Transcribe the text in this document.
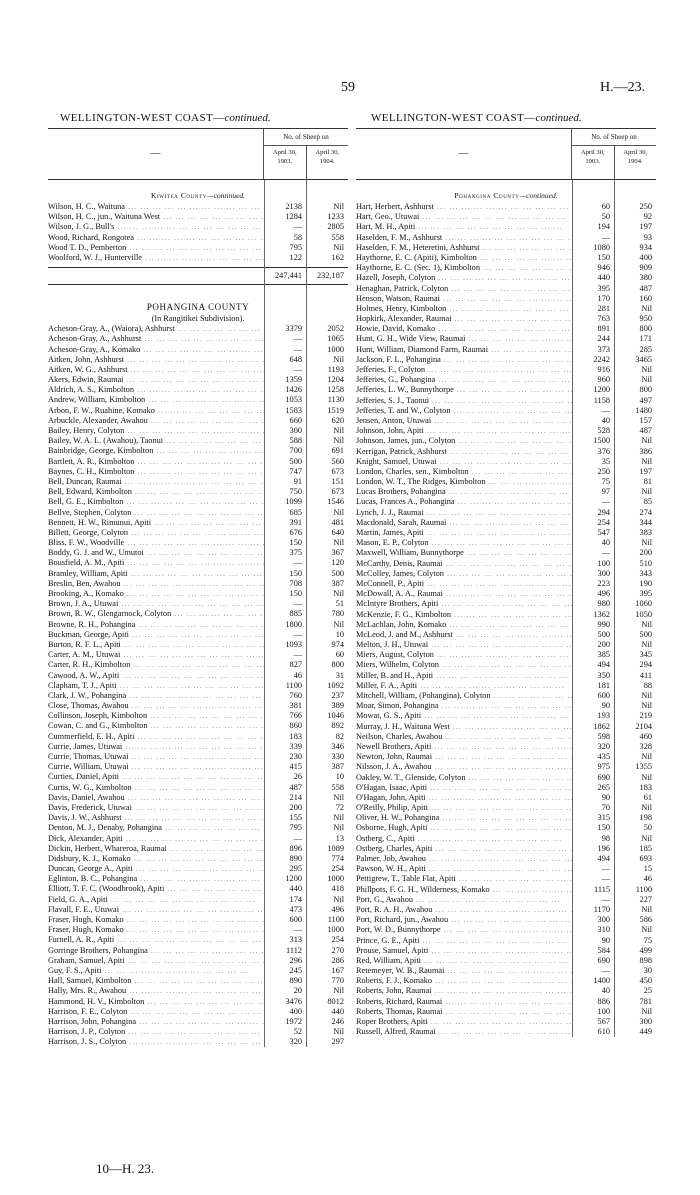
59	H.—23.
WELLINGTON-WEST COAST—continued.	WELLINGTON-WEST COAST—continued.
—
No. of Sheep on
April 30,
1903.
April 30,
1904.
Kiwitea County—continued.
Wilson, H. C., Waituna ... .	2138	Nil
Wilson, H. C., jun., Waituna West ... .	1284	1233
Wilson, J. G., Bull's ... .	—	2805
Wood, Richard, Rongotea ... .	58	558
Wood T. D., Pemberton ... .	795	Nil
Woolford, W. J., Hunterville ... .	122	162
247,441	232,187
POHANGINA COUNTY
(In Rangitikei Subdivision).
Acheson-Gray, A., (Waiora), Ashhurst ... .	3379	2052
Acheson-Gray, A., Ashhurst ... .	—	1065
Acheson-Gray, A., Komako ... .	—	1000
Aitken, John, Ashhurst ... .	648	Nil
Aitken, W. G., Ashhurst ... .	—	1193
Akers, Edwin, Raumai ... .	1359	1204
Aldrich, A. S., Kimbolton ... .	1426	1258
Andrew, William, Kimbolton ... .	1053	1130
Arbon, F. W., Ruahine, Komako ... .	1583	1519
Arbuckle, Alexander, Awahou ... .	660	620
Bailey, Henry, Colyton ... .	300	Nil
Bailey, W. A. L. (Awahou), Taonui ... .	588	Nil
Bainbridge, George, Kimbolton ... .	700	691
Bartlett, A. R., Kimbolton ... .	500	560
Baynes, C. H., Kimbolton ... .	747	673
Bell, Duncan, Raumai ... .	91	151
Bell, Edward, Kimbolton ... .	750	673
Bell, G. E., Kimbolton ... .	1099	1546
Bellve, Stephen, Colyton ... .	685	Nil
Bennett, H. W., Rimunui, Apiti ... .	391	481
Billett, George, Colyton ... .	676	640
Bliss, F. W., Woodville ... .	150	Nil
Boddy, G. J. and W., Umutoi ... .	375	367
Bousfield, A. M., Apiti ... .	—	120
Bramley, William, Apiti ... .	150	500
Breslin, Ben, Awahou ... .	708	387
Brooking, A., Komako ... .	150	Nil
Brown, J. A., Utuwai ... .	—	51
Brown, R. W., Glengarnock, Colyton ... .	885	780
Browne, R. H., Pohangina ... .	1800	Nil
Buckman, George, Apiti ... .	—	10
Burton, R. F. L., Apiti ... .	1093	974
Carter, A. M., Utuwai ... .	—	60
Carter, R. H., Kimbolton ... .	827	800
Cawood, A. W., Apiti ... .	46	31
Clapham, T. J., Apiti ... .	1100	1092
Clark, J. W., Pohangina ... .	760	237
Close, Thomas, Awahou ... .	381	389
Collinson, Joseph, Kimbolton ... .	766	1046
Cowan, C. and G., Kimbolton ... .	860	892
Cummerfield, E. H., Apiti ... .	183	82
Currie, James, Utuwai ... .	339	346
Currie, Thomas, Utuwai ... .	230	330
Currie, William, Utuwai ... .	415	387
Curties, Daniel, Apiti ... .	26	10
Curtis, W. G., Kimbolton ... .	487	558
Davis, Daniel, Awahou ... .	214	Nil
Davis, Frederick, Utuwai ... .	200	72
Davis, J. W., Ashhurst ... .	155	Nil
Denton, M. J., Denaby, Pohangina ... .	795	Nil
Dick, Alexander, Apiti ... .	—	13
Dickin, Herbert, Whareroa, Raumai ... .	896	1089
Didsbury, K. J., Komako ... .	890	774
Duncan, George A., Apiti ... .	295	254
Eglinton, B. C., Pohangina ... .	1200	1000
Elliott, T. F. C. (Woodbrook), Apiti ... .	440	418
Field, G. A., Apiti ... .	174	Nil
Flavall, F. E., Utuwai ... .	473	496
Fraser, Hugh, Komako ... .	600	1100
Fraser, Hugh, Komako ... .	—	1000
Furnell, A. R., Apiti ... .	313	254
Gorringe Brothers, Pohangina ... .	1112	270
Graham, Samuel, Apiti ... .	296	286
Guy, F. S., Apiti ... .	245	167
Hall, Samuel, Kimbolton ... .	890	770
Hally, Mrs. R., Awahou ... .	20	Nil
Hammond, H. V., Kimbolton ... .	3476	8012
Harrison, F. E., Colyton ... .	400	440
Harrison, John, Pohangina ... .	1972	246
Harrison, J. P., Colyton ... .	52	Nil
Harrison, J. S., Colyton ... .	320	297
—
No. of Sheep on
April 30,
1903.
April 30,
1904.
Pohangina County—continued.
Hart, Herbert, Ashhurst ... .	60	250
Hart, Geo., Utuwai ... .	50	92
Hart, M. H., Apiti ... .	194	197
Haselden, F. M., Ashhurst ... .	—	93
Haselden, F. M., Heteretini, Ashhurst ... .	1080	934
Haythorne, E. C. (Apiti), Kimbolton ... .	150	400
Haythorne, E. C. (Sec. 1), Kimbolton ... .	946	909
Hazell, Joseph, Colyton ... .	440	380
Henaghan, Patrick, Colyton ... .	395	487
Henson, Watson, Raumai ... .	170	160
Holmes, Henry, Kimbolton ... .	281	Nil
Hopkirk, Alexander, Raumai ... .	763	950
Howie, David, Komako ... .	891	800
Hunt, G. H., Wide View, Raumai ... .	244	171
Hunt, William, Diamond Farm, Raumai ... .	373	285
Jackson, F. L., Pohangina ... .	2242	3465
Jefferies, F., Colyton ... .	916	Nil
Jefferies, G., Pohangina ... .	960	Nil
Jefferies, L. W., Bunnythorpe ... .	1200	800
Jefferies, S. J., Taonui ... .	1158	497
Jefferies, T. and W., Colyton ... .	—	1480
Jensen, Anton, Utuwai ... .	40	157
Johnson, John, Apiti ... .	528	487
Johnson, James, jun., Colyton ... .	1500	Nil
Kerrigan, Patrick, Ashhurst ... .	376	386
Knight, Samuel, Utuwai ... .	35	Nil
London, Charles, sen., Kimbolton ... .	250	197
London, W. T., The Ridges, Kimbolton ... .	75	81
Lucas Brothers, Pohangina ... .	97	Nil
Lucas, Frances A., Pohangina ... .	—	85
Lynch, J. J., Raumai ... .	294	274
Macdonald, Sarah, Raumai ... .	254	344
Martin, James, Apiti ... .	547	383
Mason, E. P., Colyton ... .	40	Nil
Maxwell, William, Bunnythorpe ... .	—	200
McCarthy, Denis, Raumai ... .	100	510
McColley, James, Colyton ... .	300	343
McConnell, P., Apiti ... .	223	190
McDowall, A. A., Raumai ... .	496	395
McIntyre Brothers, Apiti ... .	980	1060
McKenzie, F. G., Kimbolton ... .	1362	1050
McLachlan, John, Komako ... .	990	Nil
McLeod, J. and M., Ashhurst ... .	500	500
Melton, J. H., Utuwai ... .	200	Nil
Miers, August, Colyton ... .	385	345
Miers, Wilhelm, Colyton ... .	494	294
Miller, B. and H., Apiti ... .	350	411
Miller, F. A., Apiti ... .	181	88
Mitchell, William, (Pohangina), Colyton ... .	600	Nil
Moar, Simon, Pohangina ... .	90	Nil
Mowat, G. S., Apiti ... .	193	219
Murray, J. H., Waituna West ... .	1862	2104
Neilson, Charles, Awahou ... .	598	460
Newell Brothers, Apiti ... .	320	328
Newton, John, Raumai ... .	435	Nil
Nilsson, J. A., Awahou ... .	975	1355
Oakley, W. T., Glenside, Colyton ... .	690	Nil
O'Hagan, Isaac, Apiti ... .	265	183
O'Hagan, John, Apiti ... .	90	61
O'Reilly, Philip, Apiti ... .	70	Nil
Oliver, H. W., Pohangina ... .	315	198
Osborne, Hugh, Apiti ... .	150	50
Ostberg, C., Apiti ... .	98	Nil
Ostberg, Charles, Apiti ... .	196	185
Palmer, Job, Awahou ... .	494	693
Pawson, W. H., Apiti ... .	—	15
Pettigrew, T., Table Flat, Apiti ... .	—	46
Phillpots, F. G. H., Wilderness, Komako ... .	1115	1100
Port, G., Awahou ... .	—	227
Port, R. A. H., Awahou ... .	1170	Nil
Port, Richard, jun., Awahou ... .	300	586
Port, W. D., Bunnythorpe ... .	310	Nil
Prince, G. E., Apiti ... .	90	75
Prouse, Samuel, Apiti ... .	584	499
Red, William, Apiti ... .	690	898
Retemeyer, W. B., Raumai ... .	—	30
Roberts, F. J., Komako ... .	1400	450
Roberts, John, Raumai ... .	40	25
Roberts, Richard, Raumai ... .	886	781
Roberts, Thomas, Raumai ... .	100	Nil
Roper Brothers, Apiti ... .	567	300
Russell, Alfred, Raumai ... .	610	449
10—H. 23.
